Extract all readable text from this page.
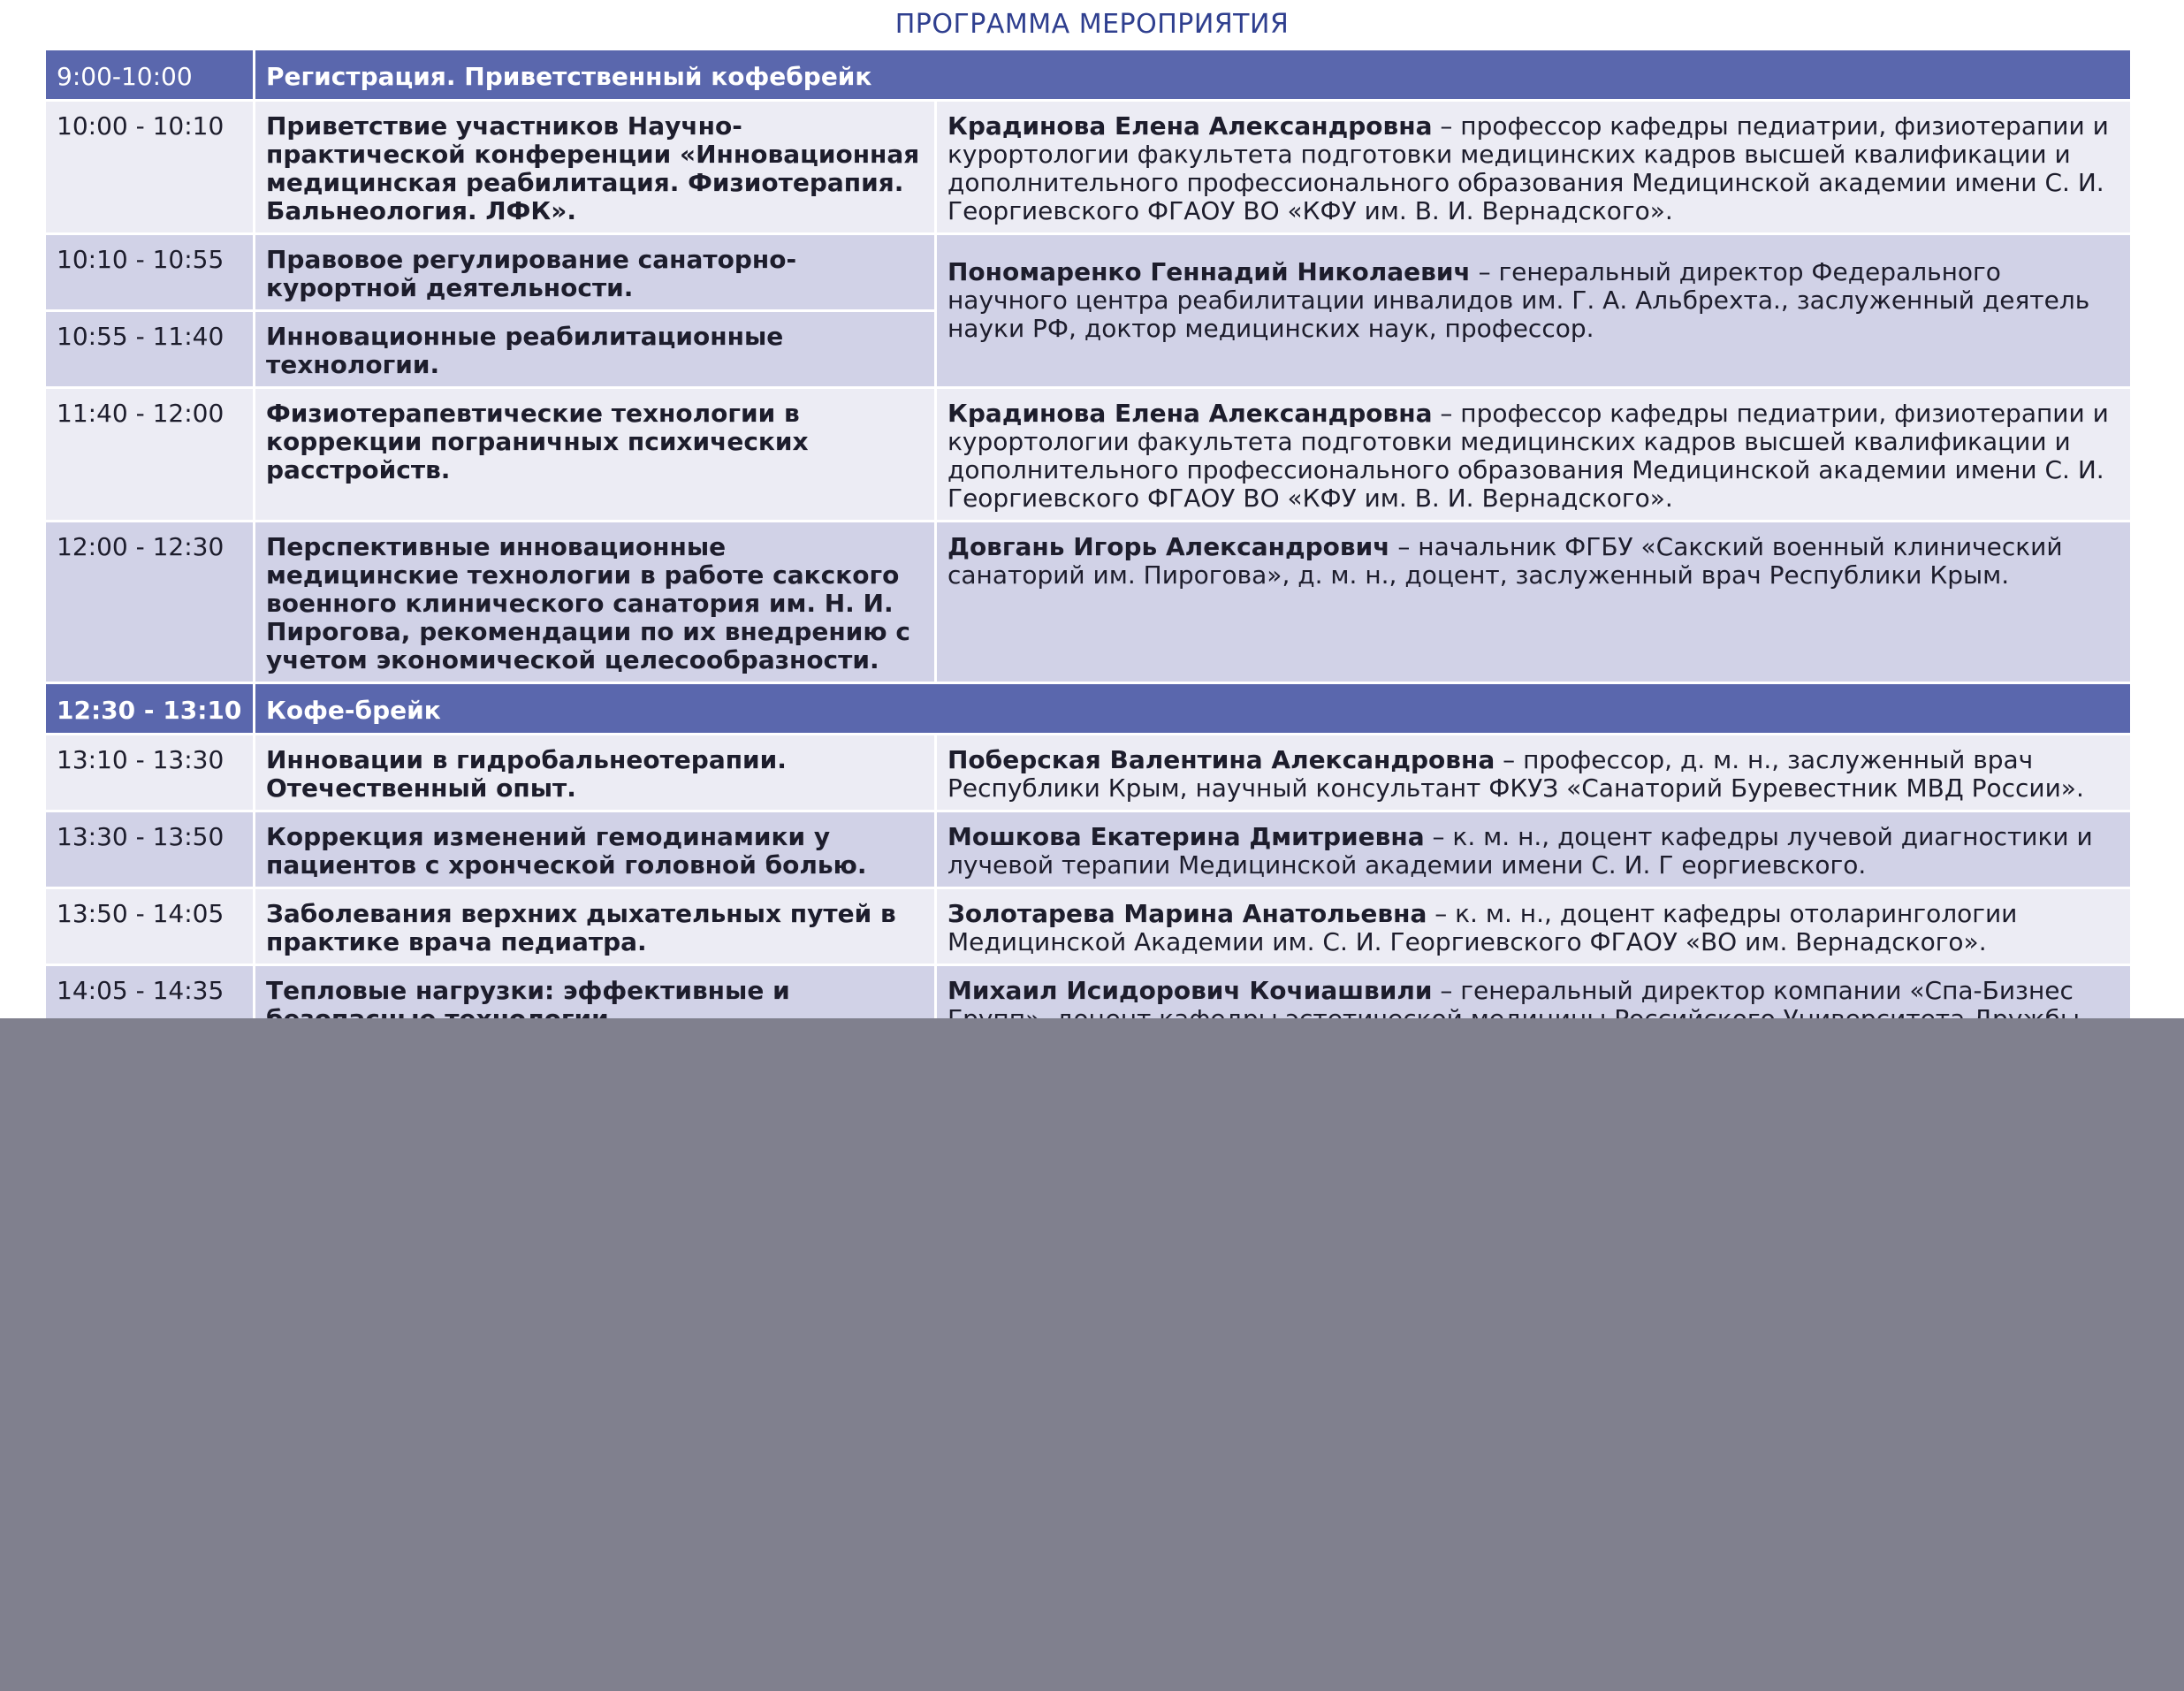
ПРОГРАММА МЕРОПРИЯТИЯ
9:00-10:00	Регистрация. Приветственный кофебрейк	
10:00 - 10:10	Приветствие участников Научно-практической конференции «Инновационная медицинская реабилитация. Физиотерапия. Бальнеология. ЛФК».	Крадинова Елена Александровна – профессор кафедры педиатрии, физиотерапии и курортологии факультета подготовки медицинских кадров высшей квалификации и дополнительного профессионального образования Медицинской академии имени С. И. Георгиевского ФГАОУ ВО «КФУ им. В. И. Вернадского».
10:10 - 10:55	Правовое регулирование санаторно-курортной деятельности.	Пономаренко Геннадий Николаевич – генеральный директор Федерального научного центра реабилитации инвалидов им. Г. А. Альбрехта., заслуженный деятель науки РФ, доктор медицинских наук, профессор.
10:55 - 11:40	Инновационные реабилитационные технологии.	
11:40 - 12:00	Физиотерапевтические технологии в коррекции пограничных психических расстройств.	Крадинова Елена Александровна – профессор кафедры педиатрии, физиотерапии и курортологии факультета подготовки медицинских кадров высшей квалификации и дополнительного профессионального образования Медицинской академии имени С. И. Георгиевского ФГАОУ ВО «КФУ им. В. И. Вернадского».
12:00 - 12:30	Перспективные инновационные медицинские технологии в работе сакского военного клинического санатория им. Н. И. Пирогова, рекомендации по их внедрению с учетом экономической целесообразности.	Довгань Игорь Александрович – начальник ФГБУ «Сакский военный клинический санаторий им. Пирогова», д. м. н., доцент, заслуженный врач Республики Крым.
12:30 - 13:10	Кофе-брейк	
13:10 - 13:30	Инновации в гидробальнеотерапии. Отечественный опыт.	Поберская Валентина Александровна – профессор, д. м. н., заслуженный врач Республики Крым, научный консультант ФКУЗ «Санаторий Буревестник МВД России».
13:30 - 13:50	Коррекция изменений гемодинамики у пациентов с хронческой головной болью.	Мошкова Екатерина Дмитриевна – к. м. н., доцент кафедры лучевой диагностики и лучевой терапии Медицинской академии имени С. И. Г еоргиевского.
13:50 - 14:05	Заболевания верхних дыхательных путей в практике врача педиатра.	Золотарева Марина Анатольевна – к. м. н., доцент кафедры отоларингологии Медицинской Академии им. С. И. Георгиевского ФГАОУ «ВО им. Вернадского».
14:05 - 14:35	Тепловые нагрузки: эффективные и	Михаил Исидорович Кочиашвили – генеральный директор компании «Спа-Бизнес
